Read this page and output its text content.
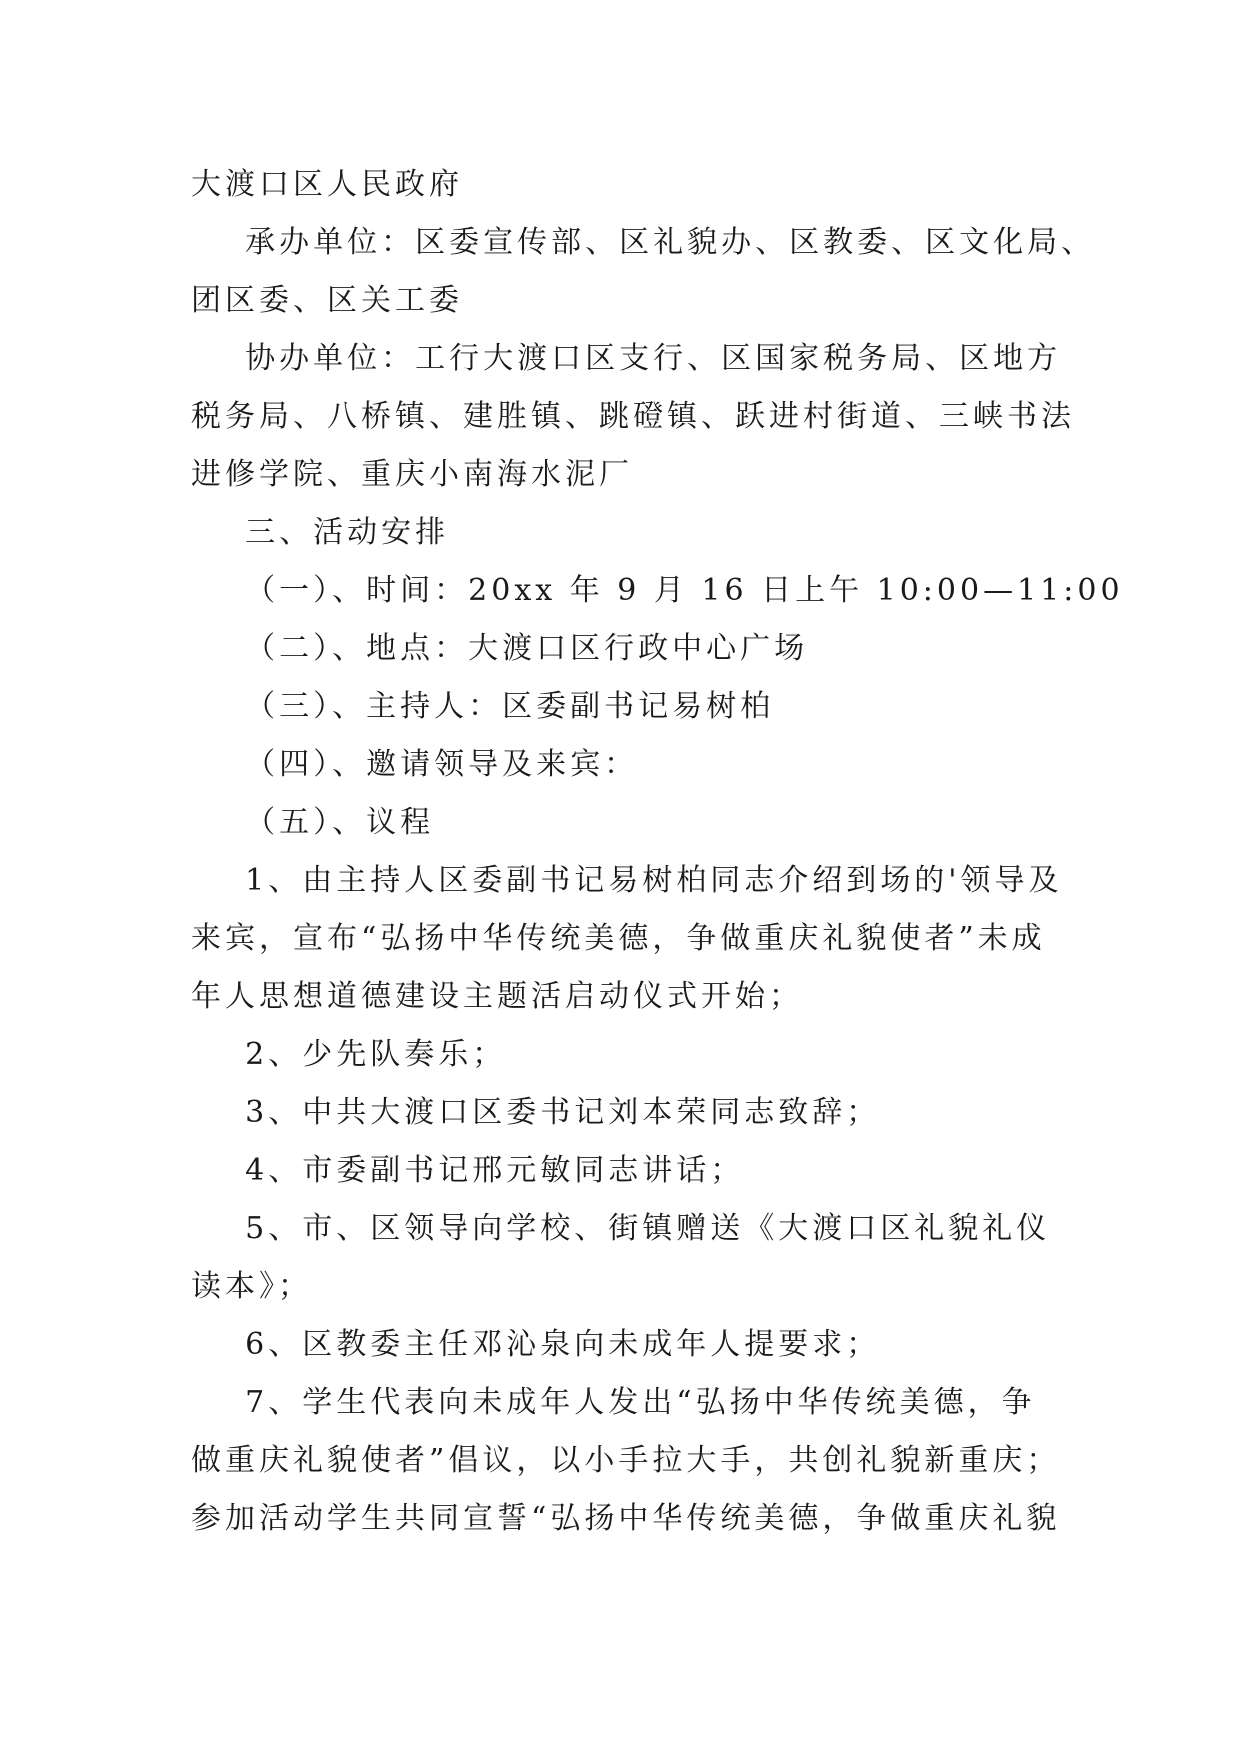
大渡口区人民政府
承办单位：区委宣传部、区礼貌办、区教委、区文化局、
团区委、区关工委
协办单位：工行大渡口区支行、区国家税务局、区地方
税务局、八桥镇、建胜镇、跳磴镇、跃进村街道、三峡书法
进修学院、重庆小南海水泥厂
三、活动安排
（一）、时间：20xx 年 9 月 16 日上午 10:00—11:00
（二）、地点：大渡口区行政中心广场
（三）、主持人：区委副书记易树柏
（四）、邀请领导及来宾：
（五）、议程
1、由主持人区委副书记易树柏同志介绍到场的'领导及
来宾，宣布“弘扬中华传统美德，争做重庆礼貌使者”未成
年人思想道德建设主题活启动仪式开始；
2、少先队奏乐；
3、中共大渡口区委书记刘本荣同志致辞；
4、市委副书记邢元敏同志讲话；
5、市、区领导向学校、街镇赠送《大渡口区礼貌礼仪
读本》；
6、区教委主任邓沁泉向未成年人提要求；
7、学生代表向未成年人发出“弘扬中华传统美德，争
做重庆礼貌使者”倡议，以小手拉大手，共创礼貌新重庆；
参加活动学生共同宣誓“弘扬中华传统美德，争做重庆礼貌
